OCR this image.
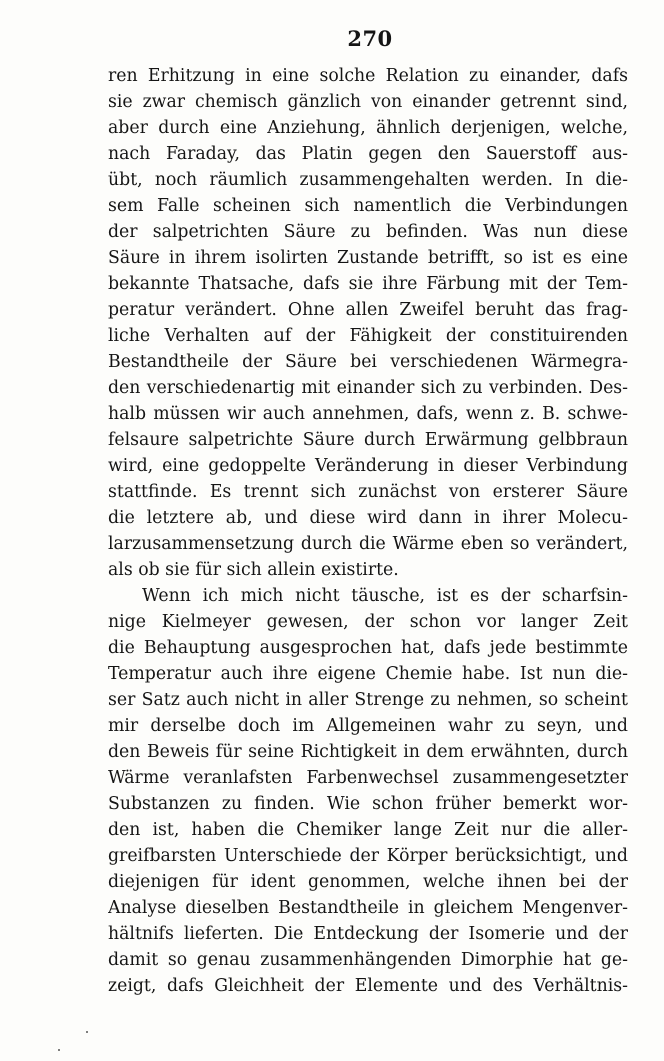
270
ren Erhitzung in eine solche Relation zu einander, dafs
sie zwar chemisch gänzlich von einander getrennt sind,
aber durch eine Anziehung, ähnlich derjenigen, welche,
nach Faraday, das Platin gegen den Sauerstoff aus-
übt, noch räumlich zusammengehalten werden. In die-
sem Falle scheinen sich namentlich die Verbindungen
der salpetrichten Säure zu befinden. Was nun diese
Säure in ihrem isolirten Zustande betrifft, so ist es eine
bekannte Thatsache, dafs sie ihre Färbung mit der Tem-
peratur verändert. Ohne allen Zweifel beruht das frag-
liche Verhalten auf der Fähigkeit der constituirenden
Bestandtheile der Säure bei verschiedenen Wärmegra-
den verschiedenartig mit einander sich zu verbinden. Des-
halb müssen wir auch annehmen, dafs, wenn z. B. schwe-
felsaure salpetrichte Säure durch Erwärmung gelbbraun
wird, eine gedoppelte Veränderung in dieser Verbindung
stattfinde. Es trennt sich zunächst von ersterer Säure
die letztere ab, und diese wird dann in ihrer Molecu-
larzusammensetzung durch die Wärme eben so verändert,
als ob sie für sich allein existirte.
Wenn ich mich nicht täusche, ist es der scharfsin-
nige Kielmeyer gewesen, der schon vor langer Zeit
die Behauptung ausgesprochen hat, dafs jede bestimmte
Temperatur auch ihre eigene Chemie habe. Ist nun die-
ser Satz auch nicht in aller Strenge zu nehmen, so scheint
mir derselbe doch im Allgemeinen wahr zu seyn, und
den Beweis für seine Richtigkeit in dem erwähnten, durch
Wärme veranlafsten Farbenwechsel zusammengesetzter
Substanzen zu finden. Wie schon früher bemerkt wor-
den ist, haben die Chemiker lange Zeit nur die aller-
greifbarsten Unterschiede der Körper berücksichtigt, und
diejenigen für ident genommen, welche ihnen bei der
Analyse dieselben Bestandtheile in gleichem Mengenver-
hältnifs lieferten. Die Entdeckung der Isomerie und der
damit so genau zusammenhängenden Dimorphie hat ge-
zeigt, dafs Gleichheit der Elemente und des Verhältnis-
